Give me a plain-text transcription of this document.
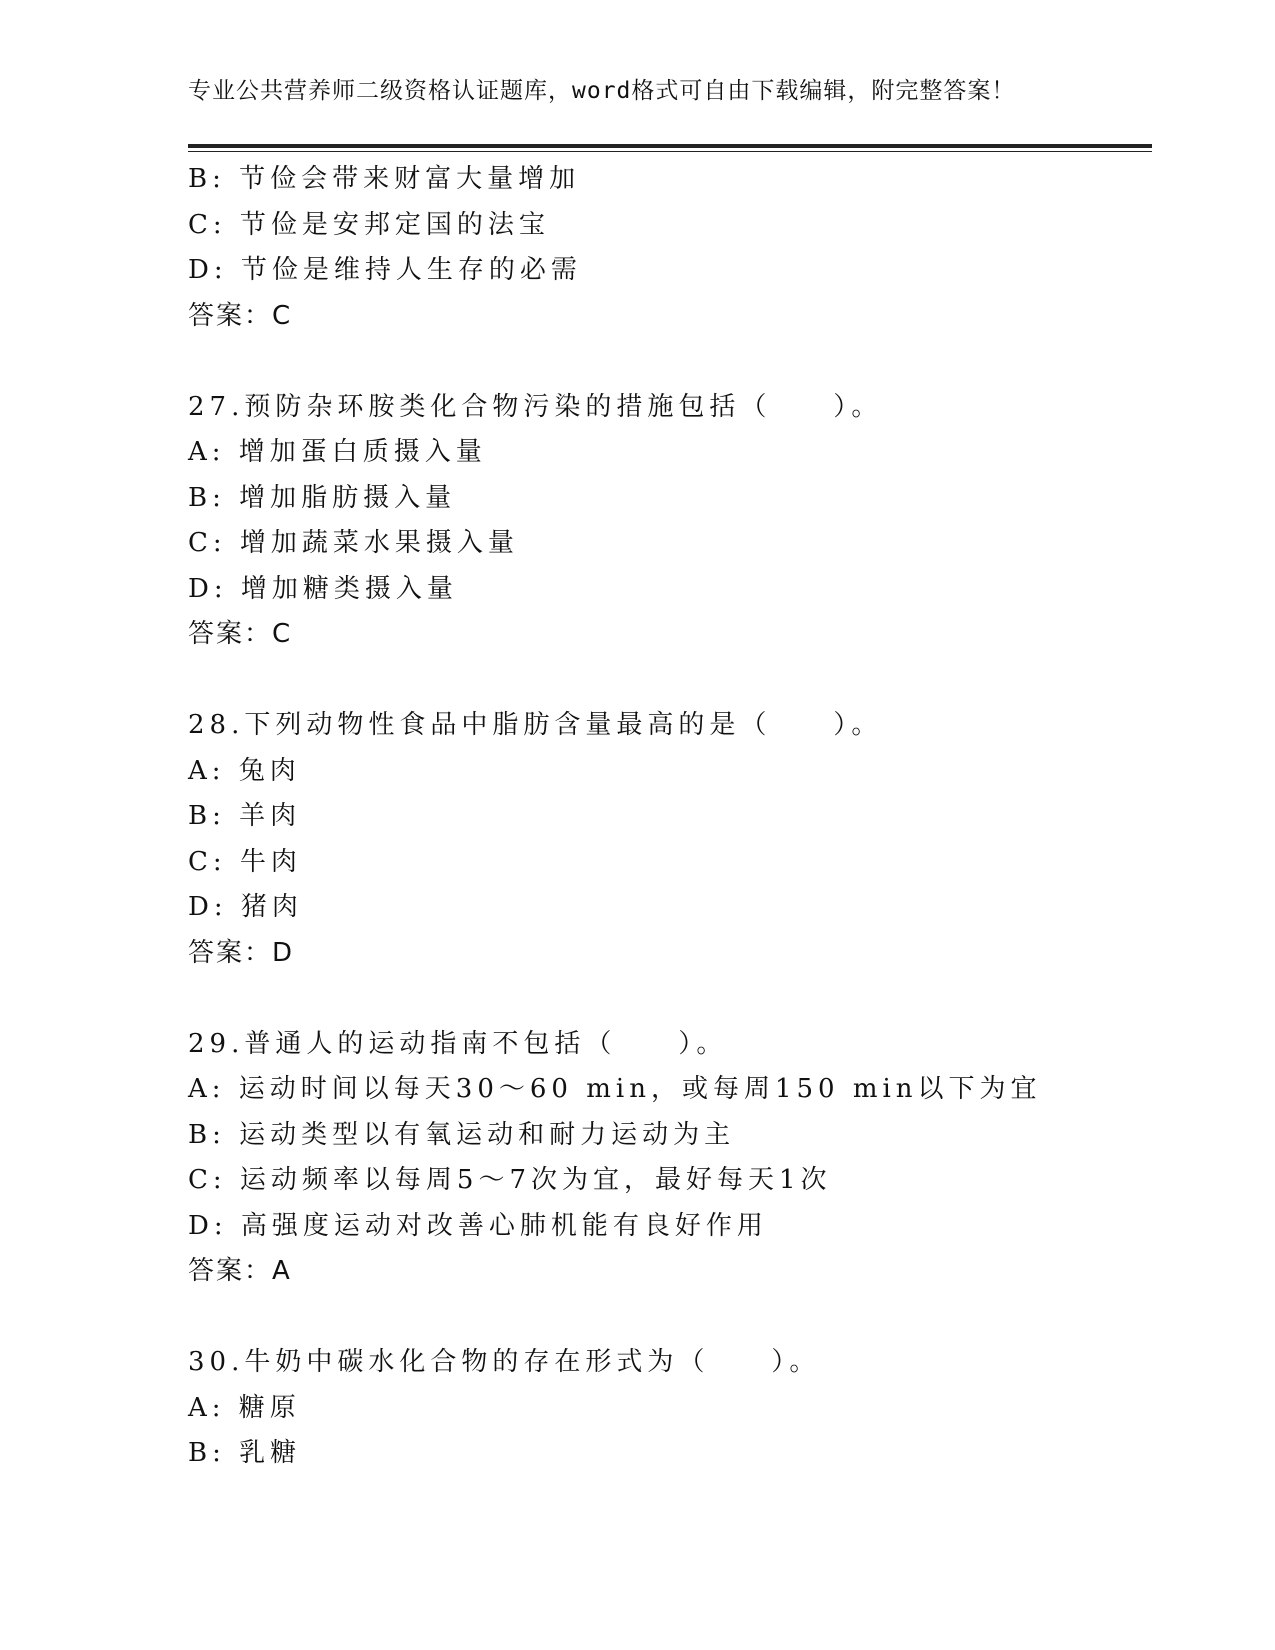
专业公共营养师二级资格认证题库，word格式可自由下载编辑，附完整答案！
B: 节俭会带来财富大量增加
C: 节俭是安邦定国的法宝
D: 节俭是维持人生存的必需
答案：C
27.预防杂环胺类化合物污染的措施包括（　　）。
A: 增加蛋白质摄入量
B: 增加脂肪摄入量
C: 增加蔬菜水果摄入量
D: 增加糖类摄入量
答案：C
28.下列动物性食品中脂肪含量最高的是（　　）。
A: 兔肉
B: 羊肉
C: 牛肉
D: 猪肉
答案：D
29.普通人的运动指南不包括（　　）。
A: 运动时间以每天30～60 min，或每周150 min以下为宜
B: 运动类型以有氧运动和耐力运动为主
C: 运动频率以每周5～7次为宜，最好每天1次
D: 高强度运动对改善心肺机能有良好作用
答案：A
30.牛奶中碳水化合物的存在形式为（　　）。
A: 糖原
B: 乳糖
